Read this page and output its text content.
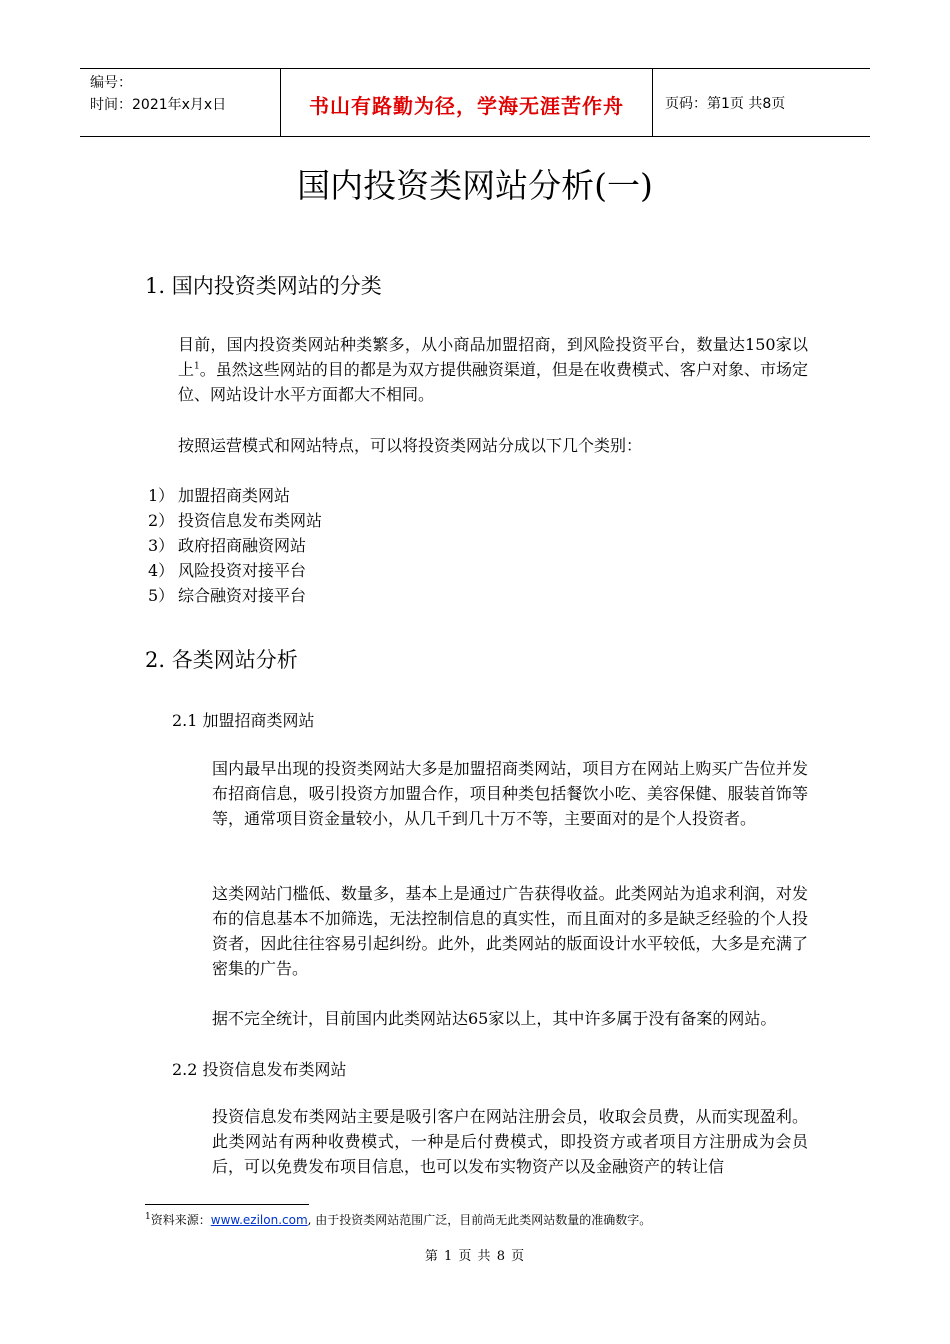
编号：
时间：2021年x月x日	书山有路勤为径，学海无涯苦作舟	页码：第1页 共8页
国内投资类网站分析(一)
1. 国内投资类网站的分类
目前，国内投资类网站种类繁多，从小商品加盟招商，到风险投资平台，数量达150家以上$^1$。虽然这些网站的目的都是为双方提供融资渠道，但是在收费模式、客户对象、市场定位、网站设计水平方面都大不相同。
按照运营模式和网站特点，可以将投资类网站分成以下几个类别：
1） 加盟招商类网站
2） 投资信息发布类网站
3） 政府招商融资网站
4） 风险投资对接平台
5） 综合融资对接平台
2. 各类网站分析
2.1 加盟招商类网站
国内最早出现的投资类网站大多是加盟招商类网站，项目方在网站上购买广告位并发布招商信息，吸引投资方加盟合作，项目种类包括餐饮小吃、美容保健、服装首饰等等，通常项目资金量较小，从几千到几十万不等，主要面对的是个人投资者。
这类网站门槛低、数量多，基本上是通过广告获得收益。此类网站为追求利润，对发布的信息基本不加筛选，无法控制信息的真实性，而且面对的多是缺乏经验的个人投资者，因此往往容易引起纠纷。此外，此类网站的版面设计水平较低，大多是充满了密集的广告。
据不完全统计，目前国内此类网站达65家以上，其中许多属于没有备案的网站。
2.2 投资信息发布类网站
投资信息发布类网站主要是吸引客户在网站注册会员，收取会员费，从而实现盈利。此类网站有两种收费模式，一种是后付费模式，即投资方或者项目方注册成为会员后，可以免费发布项目信息，也可以发布实物资产以及金融资产的转让信
$^1$资料来源：www.ezilon.com, 由于投资类网站范围广泛，目前尚无此类网站数量的准确数字。
第 1 页 共 8 页
